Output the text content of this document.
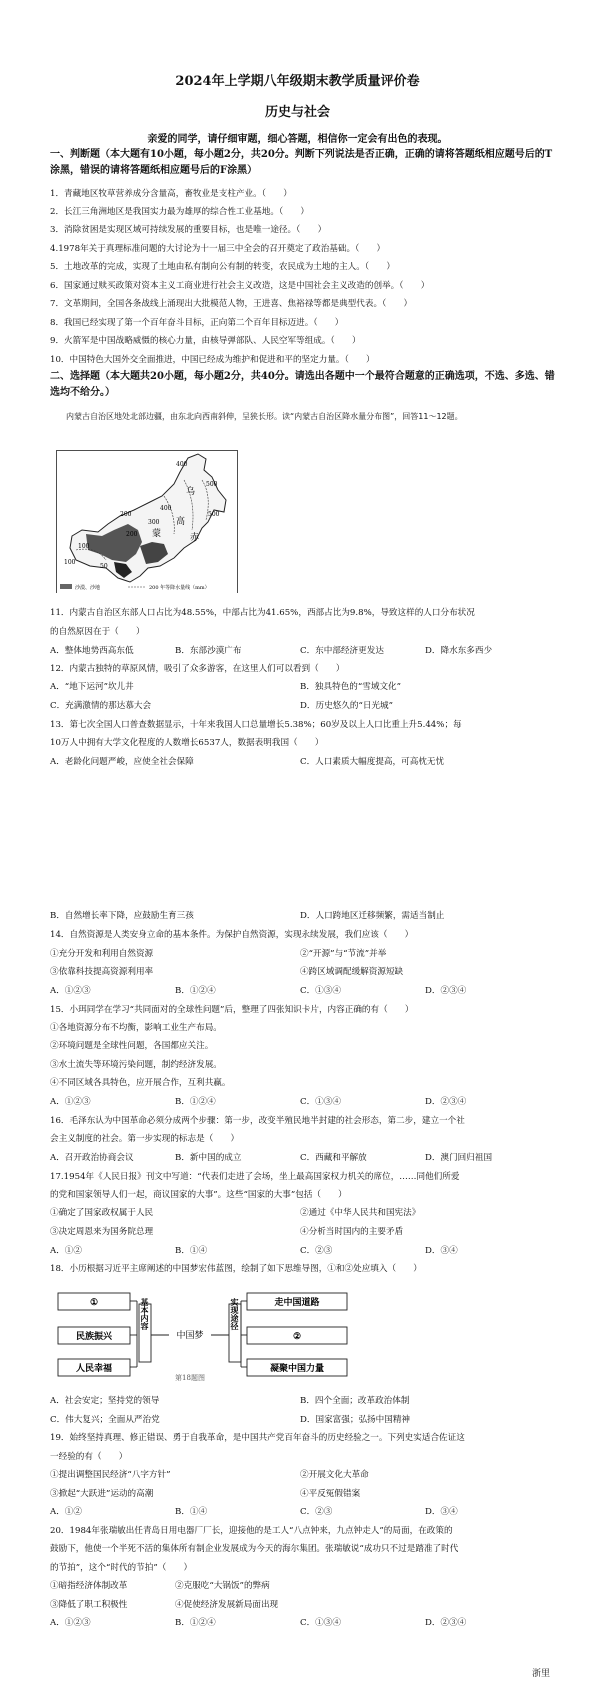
2024年上学期八年级期末教学质量评价卷
历史与社会
亲爱的同学，请仔细审题，细心答题，相信你一定会有出色的表现。
一、判断题（本大题有10小题，每小题2分，共20分。判断下列说法是否正确，正确的请将答题纸相应题号后的T涂黑，错误的请将答题纸相应题号后的F涂黑）
1．青藏地区牧草营养成分含量高，畜牧业是支柱产业。（　　）
2．长江三角洲地区是我国实力最为雄厚的综合性工业基地。（　　）
3．消除贫困是实现区域可持续发展的重要目标，也是唯一途径。（　　）
4.1978年关于真理标准问题的大讨论为十一届三中全会的召开奠定了政治基础。（　　）
5．土地改革的完成，实现了土地由私有制向公有制的转变，农民成为土地的主人。（　　）
6．国家通过赎买政策对资本主义工商业进行社会主义改造，这是中国社会主义改造的创举。（　　）
7．文革期间，全国各条战线上涌现出大批模范人物，王进喜、焦裕禄等都是典型代表。（　　）
8．我国已经实现了第一个百年奋斗目标，正向第二个百年目标迈进。（　　）
9．火箭军是中国战略威慑的核心力量，由核导弹部队、人民空军等组成。（　　）
10．中国特色大国外交全面推进，中国已经成为维护和促进和平的坚定力量。（　　）
二、选择题（本大题共20小题，每小题2分，共40分。请选出各题中一个最符合题意的正确选项，不选、多选、错选均不给分。）
内蒙古自治区地处北部边疆，由东北向西南斜伸，呈狭长形。读“内蒙古自治区降水量分布图”，回答11～12题。
400
500
500
400
300
200
100
50
100
200
乌
蒙
高
赤
沙漠、沙地	200 年等降水量线（mm）
11．内蒙古自治区东部人口占比为48.55%，中部占比为41.65%，西部占比为9.8%，导致这样的人口分布状况
的自然原因在于（　　）
A．整体地势西高东低	B．东部沙漠广布	C．东中部经济更发达	D．降水东多西少
12．内蒙古独特的草原风情，吸引了众多游客，在这里人们可以看到（　　）
A．“地下运河”坎儿井	B．独具特色的“雪域文化”
C．充满激情的那达慕大会	D．历史悠久的“日光城”
13．第七次全国人口普查数据显示，十年来我国人口总量增长5.38%；60岁及以上人口比重上升5.44%；每
10万人中拥有大学文化程度的人数增长6537人，数据表明我国（　　）
A．老龄化问题严峻，应使全社会保障	C．人口素质大幅度提高，可高枕无忧
B．自然增长率下降，应鼓励生育三孩	D．人口跨地区迁移频繁，需适当制止
14．自然资源是人类安身立命的基本条件。为保护自然资源，实现永续发展，我们应该（　　）
①充分开发和利用自然资源	②“开源”与“节流”并举
③依靠科技提高资源利用率	④跨区域调配缓解资源短缺
A．①②③	B．①②④	C．①③④	D．②③④
15．小珥同学在学习“共同面对的全球性问题”后，整理了四张知识卡片，内容正确的有（　　）
①各地资源分布不均衡，影响工业生产布局。
②环境问题是全球性问题，各国都应关注。
③水土流失等环境污染问题，制约经济发展。
④不同区域各具特色，应开展合作，互利共赢。
A．①②③	B．①②④	C．①③④	D．②③④
16．毛泽东认为中国革命必须分成两个步骤：第一步，改变半殖民地半封建的社会形态，第二步，建立一个社
会主义制度的社会。第一步实现的标志是（　　）
A．召开政治协商会议	B．新中国的成立	C．西藏和平解放	D．澳门回归祖国
17.1954年《人民日报》刊文中写道：“代表们走进了会场，坐上最高国家权力机关的席位，……同他们所爱
的党和国家领导人们一起，商议国家的大事”。这些“国家的大事”包括（　　）
①确定了国家政权属于人民	②通过《中华人民共和国宪法》
③决定周恩来为国务院总理	④分析当时国内的主要矛盾
A．①②	B．①④	C．②③	D．③④
18．小历根据习近平主席阐述的中国梦宏伟蓝图，绘制了如下思维导图，①和②处应填入（　　）
①
民族振兴
人民幸福
基本内容
中国梦
实现途径	走中国道路
②
凝聚中国力量
第18题图
A．社会安定；坚持党的领导	B．四个全面；改革政治体制
C．伟大复兴；全面从严治党	D．国家富强；弘扬中国精神
19．始终坚持真理、修正错误、勇于自我革命，是中国共产党百年奋斗的历史经验之一。下列史实适合佐证这
一经验的有（　　）
①提出调整国民经济“八字方针”	②开展文化大革命
③掀起“大跃进”运动的高潮	④平反冤假错案
A．①②	B．①④	C．②③	D．③④
20．1984年张瑞敏出任青岛日用电器厂厂长，迎接他的是工人“八点钟来，九点钟走人”的局面，在政策的
鼓励下，他使一个半死不活的集体所有制企业发展成为今天的海尔集团。张瑞敏说“成功只不过是踏准了时代
的节拍”，这个“时代的节拍”（　　）
①暗指经济体制改革	②克服吃“大锅饭”的弊病
③降低了职工积极性	④促使经济发展新局面出现
A．①②③	B．①②④	C．①③④	D．②③④
浙里
